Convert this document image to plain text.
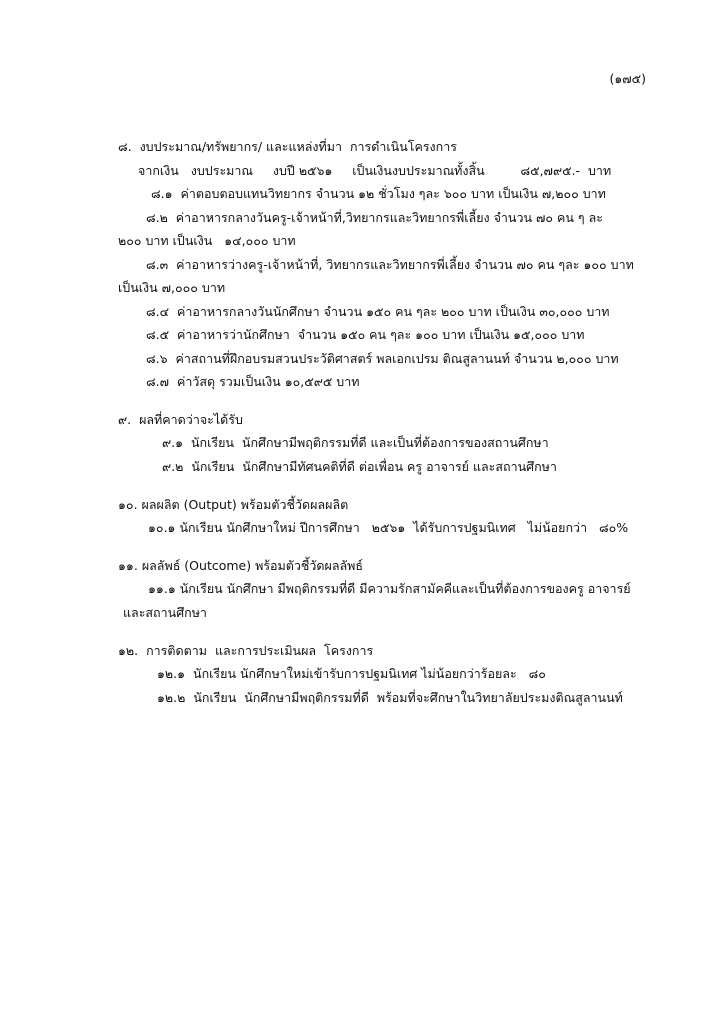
(๑๗๕)
๘.  งบประมาณ/ทรัพยากร/ และแหล่งที่มา  การดำเนินโครงการ
จากเงิน   งบประมาณ     งบปี ๒๕๖๑     เป็นเงินงบประมาณทั้งสิ้น         ๘๕,๗๙๕.-  บาท
๘.๑  ค่าตอบตอบแทนวิทยากร จำนวน ๑๒ ชั่วโมง ๆละ ๖๐๐ บาท เป็นเงิน ๗,๒๐๐ บาท
๘.๒  ค่าอาหารกลางวันครู-เจ้าหน้าที่,วิทยากรและวิทยากรพี่เลี้ยง จำนวน ๗๐ คน ๆ ละ
๒๐๐ บาท เป็นเงิน   ๑๔,๐๐๐ บาท
๘.๓  ค่าอาหารว่างครู-เจ้าหน้าที่, วิทยากรและวิทยากรพี่เลี้ยง จำนวน ๗๐ คน ๆละ ๑๐๐ บาท
เป็นเงิน ๗,๐๐๐ บาท
๘.๔  ค่าอาหารกลางวันนักศึกษา จำนวน ๑๕๐ คน ๆละ ๒๐๐ บาท เป็นเงิน ๓๐,๐๐๐ บาท
๘.๕  ค่าอาหารว่านักศึกษา  จำนวน ๑๕๐ คน ๆละ ๑๐๐ บาท เป็นเงิน ๑๕,๐๐๐ บาท
๘.๖  ค่าสถานที่ฝึกอบรมสวนประวัติศาสตร์ พลเอกเปรม ติณสูลานนท์ จำนวน ๒,๐๐๐ บาท
๘.๗  ค่าวัสดุ รวมเป็นเงิน ๑๐,๕๙๕ บาท
๙.  ผลที่คาดว่าจะได้รับ
๙.๑  นักเรียน  นักศึกษามีพฤติกรรมที่ดี และเป็นที่ต้องการของสถานศึกษา
๙.๒  นักเรียน  นักศึกษามีทัศนคติที่ดี ต่อเพื่อน ครู อาจารย์ และสถานศึกษา
๑๐. ผลผลิต (Output) พร้อมตัวชี้วัดผลผลิต
๑๐.๑ นักเรียน นักศึกษาใหม่ ปีการศึกษา   ๒๕๖๑  ได้รับการปฐมนิเทศ   ไม่น้อยกว่า   ๘๐%
๑๑. ผลลัพธ์ (Outcome) พร้อมตัวชี้วัดผลลัพธ์
๑๑.๑ นักเรียน นักศึกษา มีพฤติกรรมที่ดี มีความรักสามัคคีและเป็นที่ต้องการของครู อาจารย์
และสถานศึกษา
๑๒.  การติดตาม  และการประเมินผล  โครงการ
๑๒.๑  นักเรียน นักศึกษาใหม่เข้ารับการปฐมนิเทศ ไม่น้อยกว่าร้อยละ   ๘๐
๑๒.๒  นักเรียน  นักศึกษามีพฤติกรรมที่ดี  พร้อมที่จะศึกษาในวิทยาลัยประมงติณสูลานนท์
